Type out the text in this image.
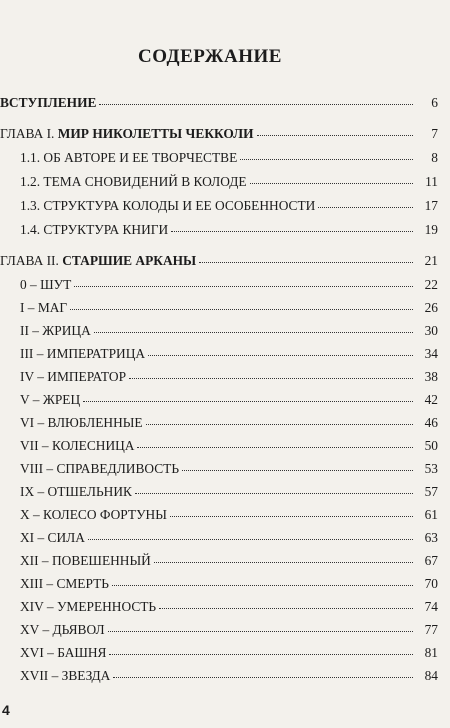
СОДЕРЖАНИЕ
ВСТУПЛЕНИЕ	6
ГЛАВА I. МИР НИКОЛЕТТЫ ЧЕККОЛИ	7
1.1. ОБ АВТОРЕ И ЕЕ ТВОРЧЕСТВЕ	8
1.2. ТЕМА СНОВИДЕНИЙ В КОЛОДЕ	11
1.3. СТРУКТУРА КОЛОДЫ И ЕЕ ОСОБЕННОСТИ	17
1.4. СТРУКТУРА КНИГИ	19
ГЛАВА II. СТАРШИЕ АРКАНЫ	21
0 – ШУТ	22
I – МАГ	26
II – ЖРИЦА	30
III – ИМПЕРАТРИЦА	34
IV – ИМПЕРАТОР	38
V – ЖРЕЦ	42
VI – ВЛЮБЛЕННЫЕ	46
VII – КОЛЕСНИЦА	50
VIII – СПРАВЕДЛИВОСТЬ	53
IX – ОТШЕЛЬНИК	57
X – КОЛЕСО ФОРТУНЫ	61
XI – СИЛА	63
XII – ПОВЕШЕННЫЙ	67
XIII – СМЕРТЬ	70
XIV – УМЕРЕННОСТЬ	74
XV – ДЬЯВОЛ	77
XVI – БАШНЯ	81
XVII – ЗВЕЗДА	84
4
